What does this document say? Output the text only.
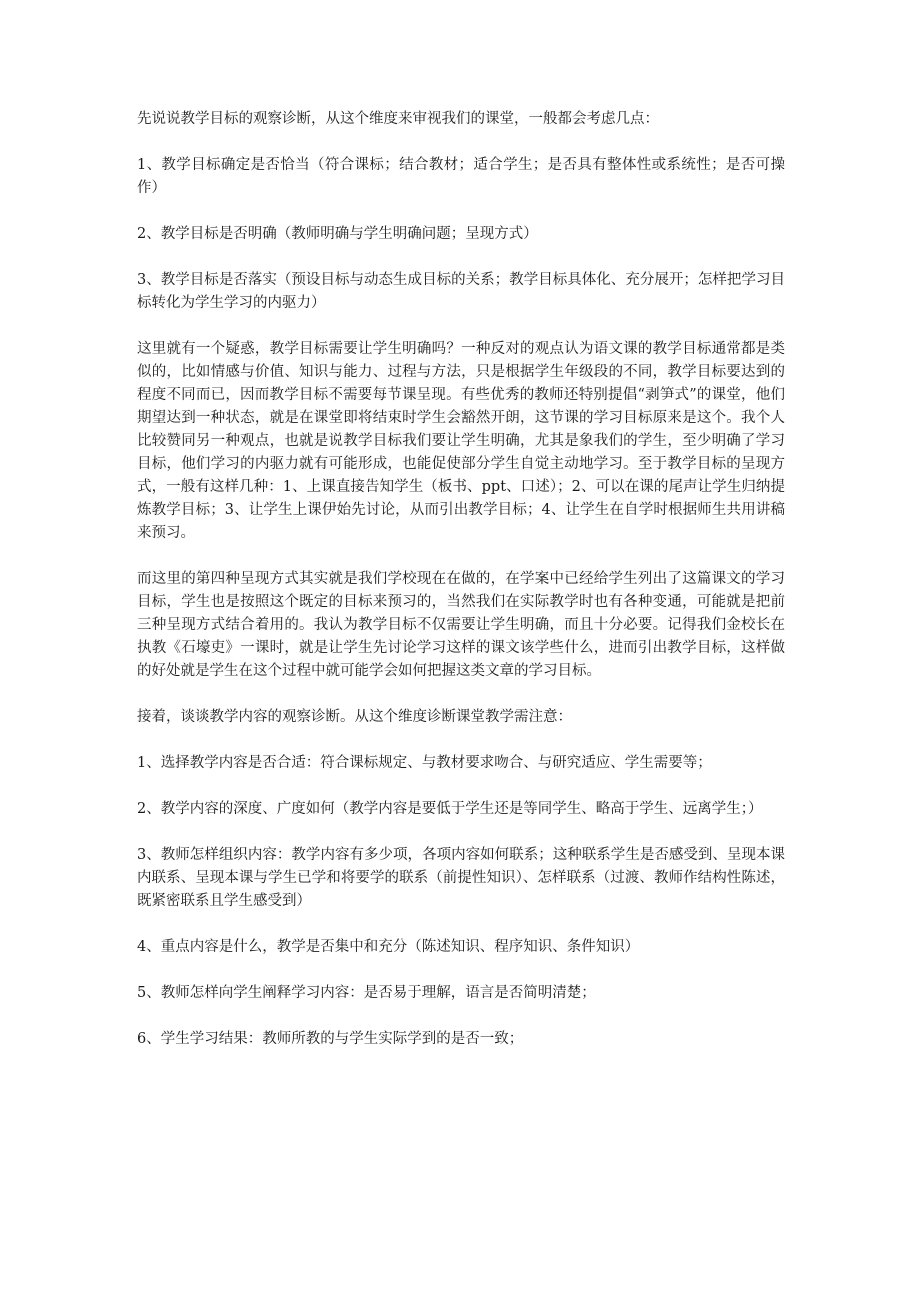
先说说教学目标的观察诊断，从这个维度来审视我们的课堂，一般都会考虑几点：

1、教学目标确定是否恰当（符合课标；结合教材；适合学生；是否具有整体性或系统性；是否可操作）

2、教学目标是否明确（教师明确与学生明确问题；呈现方式）

3、教学目标是否落实（预设目标与动态生成目标的关系；教学目标具体化、充分展开；怎样把学习目标转化为学生学习的内驱力）

这里就有一个疑惑，教学目标需要让学生明确吗？一种反对的观点认为语文课的教学目标通常都是类似的，比如情感与价值、知识与能力、过程与方法，只是根据学生年级段的不同，教学目标要达到的程度不同而已，因而教学目标不需要每节课呈现。有些优秀的教师还特别提倡“剥笋式”的课堂，他们期望达到一种状态，就是在课堂即将结束时学生会豁然开朗，这节课的学习目标原来是这个。我个人比较赞同另一种观点，也就是说教学目标我们要让学生明确，尤其是象我们的学生，至少明确了学习目标，他们学习的内驱力就有可能形成，也能促使部分学生自觉主动地学习。至于教学目标的呈现方式，一般有这样几种：1、上课直接告知学生（板书、ppt、口述）；2、可以在课的尾声让学生归纳提炼教学目标；3、让学生上课伊始先讨论，从而引出教学目标；4、让学生在自学时根据师生共用讲稿来预习。

而这里的第四种呈现方式其实就是我们学校现在在做的，在学案中已经给学生列出了这篇课文的学习目标，学生也是按照这个既定的目标来预习的，当然我们在实际教学时也有各种变通，可能就是把前三种呈现方式结合着用的。我认为教学目标不仅需要让学生明确，而且十分必要。记得我们金校长在执教《石壕吏》一课时，就是让学生先讨论学习这样的课文该学些什么，进而引出教学目标，这样做的好处就是学生在这个过程中就可能学会如何把握这类文章的学习目标。

接着，谈谈教学内容的观察诊断。从这个维度诊断课堂教学需注意：

1、选择教学内容是否合适：符合课标规定、与教材要求吻合、与研究适应、学生需要等；

2、教学内容的深度、广度如何（教学内容是要低于学生还是等同学生、略高于学生、远离学生；）

3、教师怎样组织内容：教学内容有多少项，各项内容如何联系；这种联系学生是否感受到、呈现本课内联系、呈现本课与学生已学和将要学的联系（前提性知识）、怎样联系（过渡、教师作结构性陈述，既紧密联系且学生感受到）

4、重点内容是什么，教学是否集中和充分（陈述知识、程序知识、条件知识）

5、教师怎样向学生阐释学习内容：是否易于理解，语言是否简明清楚；

6、学生学习结果：教师所教的与学生实际学到的是否一致；
